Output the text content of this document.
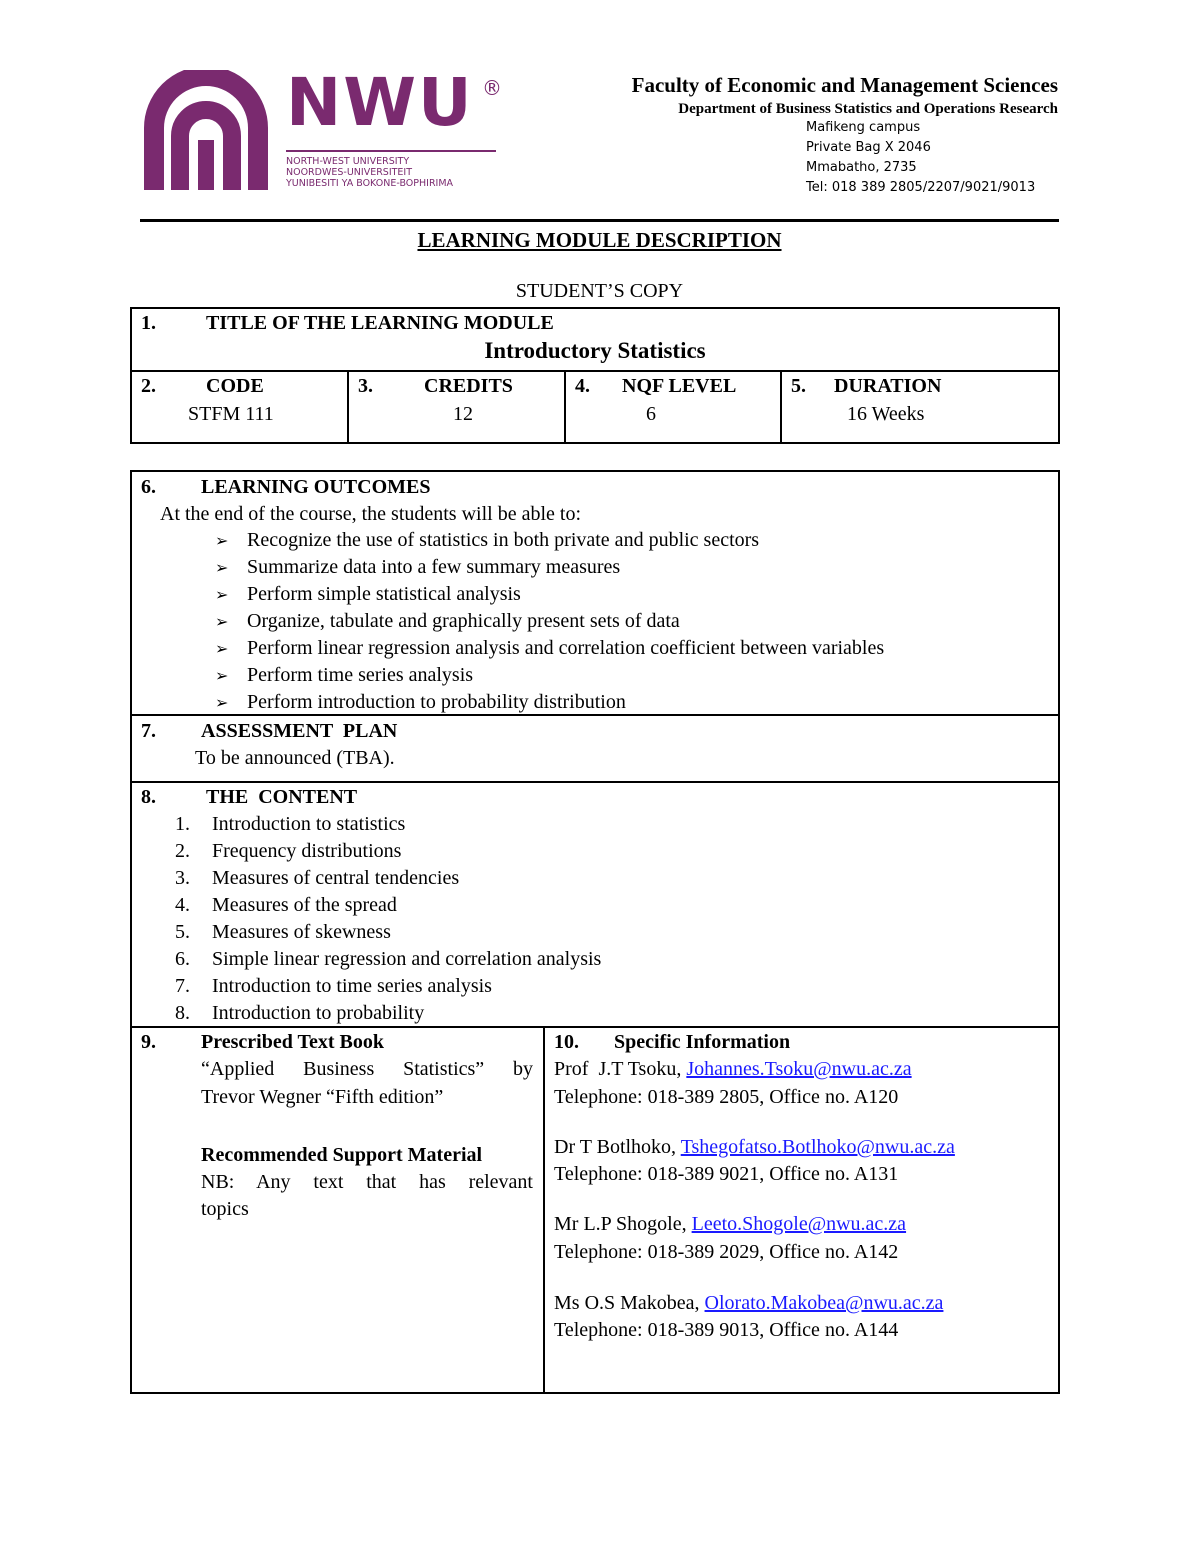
NWU ®
NORTH-WEST UNIVERSITY
NOORDWES-UNIVERSITEIT
YUNIBESITI YA BOKONE-BOPHIRIMA
Faculty of Economic and Management Sciences
Department of Business Statistics and Operations Research
Mafikeng campus
Private Bag X 2046
Mmabatho, 2735
Tel: 018 389 2805/2207/9021/9013
LEARNING MODULE DESCRIPTION
STUDENT’S COPY
1.	TITLE OF THE LEARNING MODULE
Introductory Statistics
2.	CODE
STFM 111
3.	CREDITS
12
4. NQF LEVEL
6
5. DURATION
16 Weeks
6. LEARNING OUTCOMES
At the end of the course, the students will be able to:
➢ Recognize the use of statistics in both private and public sectors
➢ Summarize data into a few summary measures
➢ Perform simple statistical analysis
➢ Organize, tabulate and graphically present sets of data
➢ Perform linear regression analysis and correlation coefficient between variables
➢ Perform time series analysis
➢ Perform introduction to probability distribution
7. ASSESSMENT  PLAN
To be announced (TBA).
8.	THE  CONTENT
1. Introduction to statistics
2. Frequency distributions
3. Measures of central tendencies
4. Measures of the spread
5. Measures of skewness
6. Simple linear regression and correlation analysis
7. Introduction to time series analysis
8. Introduction to probability
9. Prescribed Text Book
“Applied Business Statistics” by
Trevor Wegner “Fifth edition”
Recommended Support Material
NB: Any text that has relevant
topics
10. Specific Information
Prof  J.T Tsoku, Johannes.Tsoku@nwu.ac.za
Telephone: 018-389 2805, Office no. A120
Dr T Botlhoko, Tshegofatso.Botlhoko@nwu.ac.za
Telephone: 018-389 9021, Office no. A131
Mr L.P Shogole, Leeto.Shogole@nwu.ac.za
Telephone: 018-389 2029, Office no. A142
Ms O.S Makobea, Olorato.Makobea@nwu.ac.za
Telephone: 018-389 9013, Office no. A144
